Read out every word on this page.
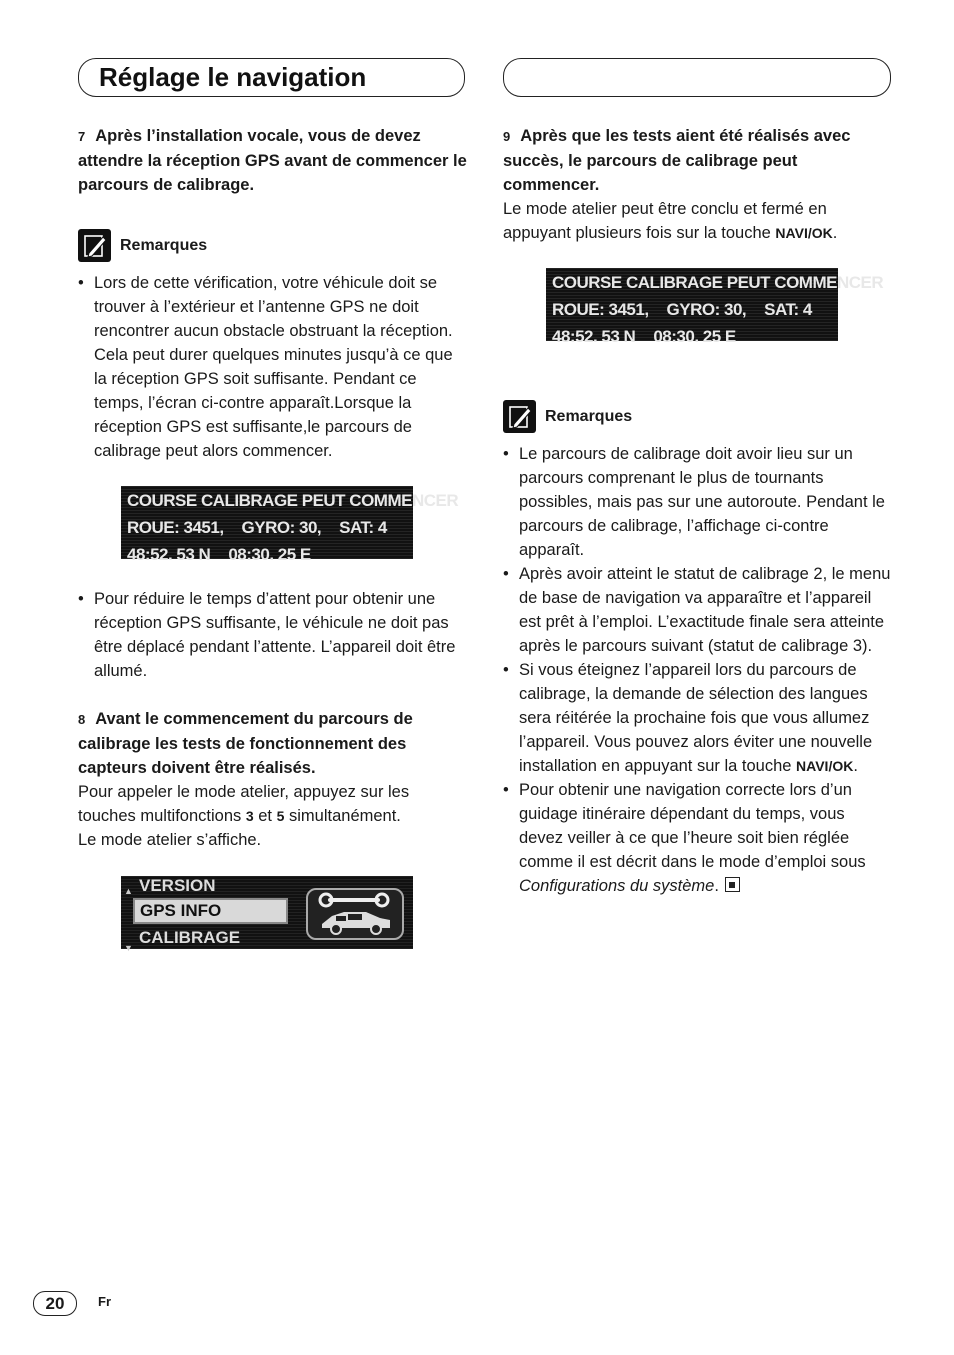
Réglage le navigation

7 Après l’installation vocale, vous de devez attendre la réception GPS avant de commencer le parcours de calibrage.

Remarques
• Lors de cette vérification, votre véhicule doit se trouver à l’extérieur et l’antenne GPS ne doit rencontrer aucun obstacle obstruant la réception. Cela peut durer quelques minutes jusqu’à ce que la réception GPS soit suffisante. Pendant ce temps, l’écran ci-contre apparaît.Lorsque la réception GPS est suffisante,le parcours de calibrage peut alors commencer.
COURSE CALIBRAGE PEUT COMMENCER
ROUE: 3451, GYRO: 30, SAT: 4
48:52. 53 N 08:30. 25 E
• Pour réduire le temps d’attent pour obtenir une réception GPS suffisante, le véhicule ne doit pas être déplacé pendant l’attente. L’appareil doit être allumé.

8 Avant le commencement du parcours de calibrage les tests de fonctionnement des capteurs doivent être réalisés.

Pour appeler le mode atelier, appuyez sur les touches multifonctions 3 et 5 simultanément.
Le mode atelier s’affiche.

▲ VERSION
GPS INFO
▼
CALIBRAGE

9 Après que les tests aient été réalisés avec succès, le parcours de calibrage peut commencer.

Le mode atelier peut être conclu et fermé en appuyant plusieurs fois sur la touche NAVI/OK.

COURSE CALIBRAGE PEUT COMMENCER
ROUE: 3451, GYRO: 30, SAT: 4
48:52. 53 N 08:30. 25 E
Remarques
• Le parcours de calibrage doit avoir lieu sur un parcours comprenant le plus de tournants possibles, mais pas sur une autoroute. Pendant le parcours de calibrage, l’affichage ci-contre apparaît.
• Après avoir atteint le statut de calibrage 2, le menu de base de navigation va apparaître et l’appareil est prêt à l’emploi. L’exactitude finale sera atteinte après le parcours suivant (statut de calibrage 3).
• Si vous éteignez l’appareil lors du parcours de calibrage, la demande de sélection des langues sera réitérée la prochaine fois que vous allumez l’appareil. Vous pouvez alors éviter une nouvelle installation en appuyant sur la touche NAVI/OK.
• Pour obtenir une navigation correcte lors d’un guidage itinéraire dépendant du temps, vous devez veiller à ce que l’heure soit bien réglée comme il est décrit dans le mode d’emploi sous Configurations du système.
20	Fr
